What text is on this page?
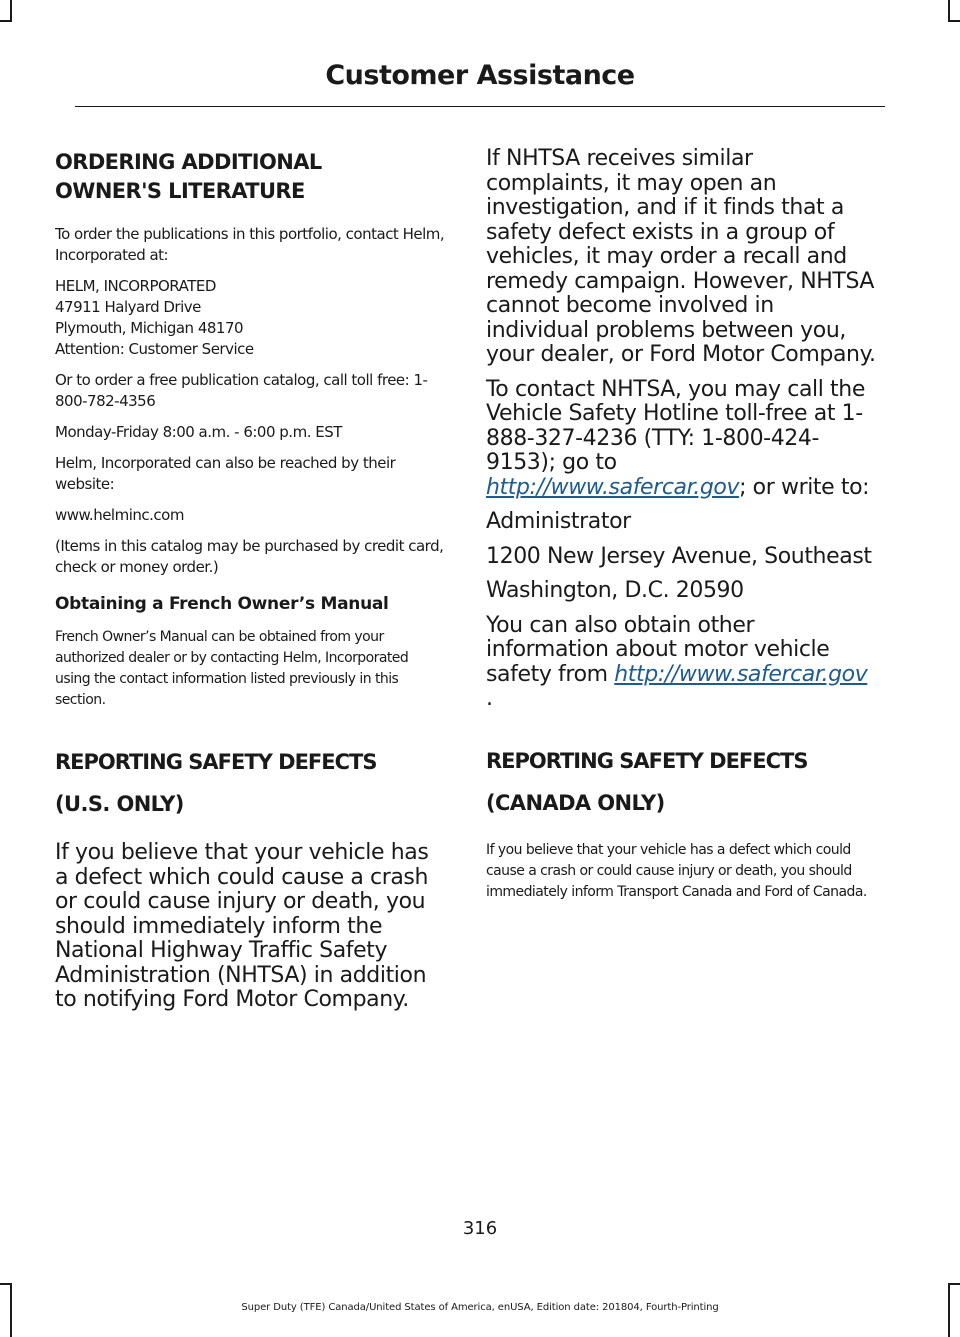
Customer Assistance
ORDERING ADDITIONAL
OWNER'S LITERATURE

To order the publications in this portfolio, contact Helm, Incorporated at:

HELM, INCORPORATED
47911 Halyard Drive
Plymouth, Michigan 48170
Attention: Customer Service

Or to order a free publication catalog, call toll free: 1-800-782-4356

Monday-Friday 8:00 a.m. - 6:00 p.m. EST

Helm, Incorporated can also be reached by their website:

www.helminc.com

(Items in this catalog may be purchased by credit card, check or money order.)

Obtaining a French Owner’s Manual

French Owner’s Manual can be obtained from your authorized dealer or by contacting Helm, Incorporated using the contact information listed previously in this section.

REPORTING SAFETY DEFECTS
(U.S. ONLY)

If you believe that your vehicle has a defect which could cause a crash or could cause injury or death, you should immediately inform the National Highway Traffic Safety Administration (NHTSA) in addition to notifying Ford Motor Company.

If NHTSA receives similar complaints, it may open an investigation, and if it finds that a safety defect exists in a group of vehicles, it may order a recall and remedy campaign. However, NHTSA cannot become involved in individual problems between you, your dealer, or Ford Motor Company.

To contact NHTSA, you may call the Vehicle Safety Hotline toll-free at 1-888-327-4236 (TTY: 1-800-424-9153); go to http://www.safercar.gov; or write to:

Administrator

1200 New Jersey Avenue, Southeast

Washington, D.C. 20590

You can also obtain other information about motor vehicle safety from http://www.safercar.gov .

REPORTING SAFETY DEFECTS
(CANADA ONLY)

If you believe that your vehicle has a defect which could cause a crash or could cause injury or death, you should immediately inform Transport Canada and Ford of Canada.

316
Super Duty (TFE) Canada/United States of America, enUSA, Edition date: 201804, Fourth-Printing
